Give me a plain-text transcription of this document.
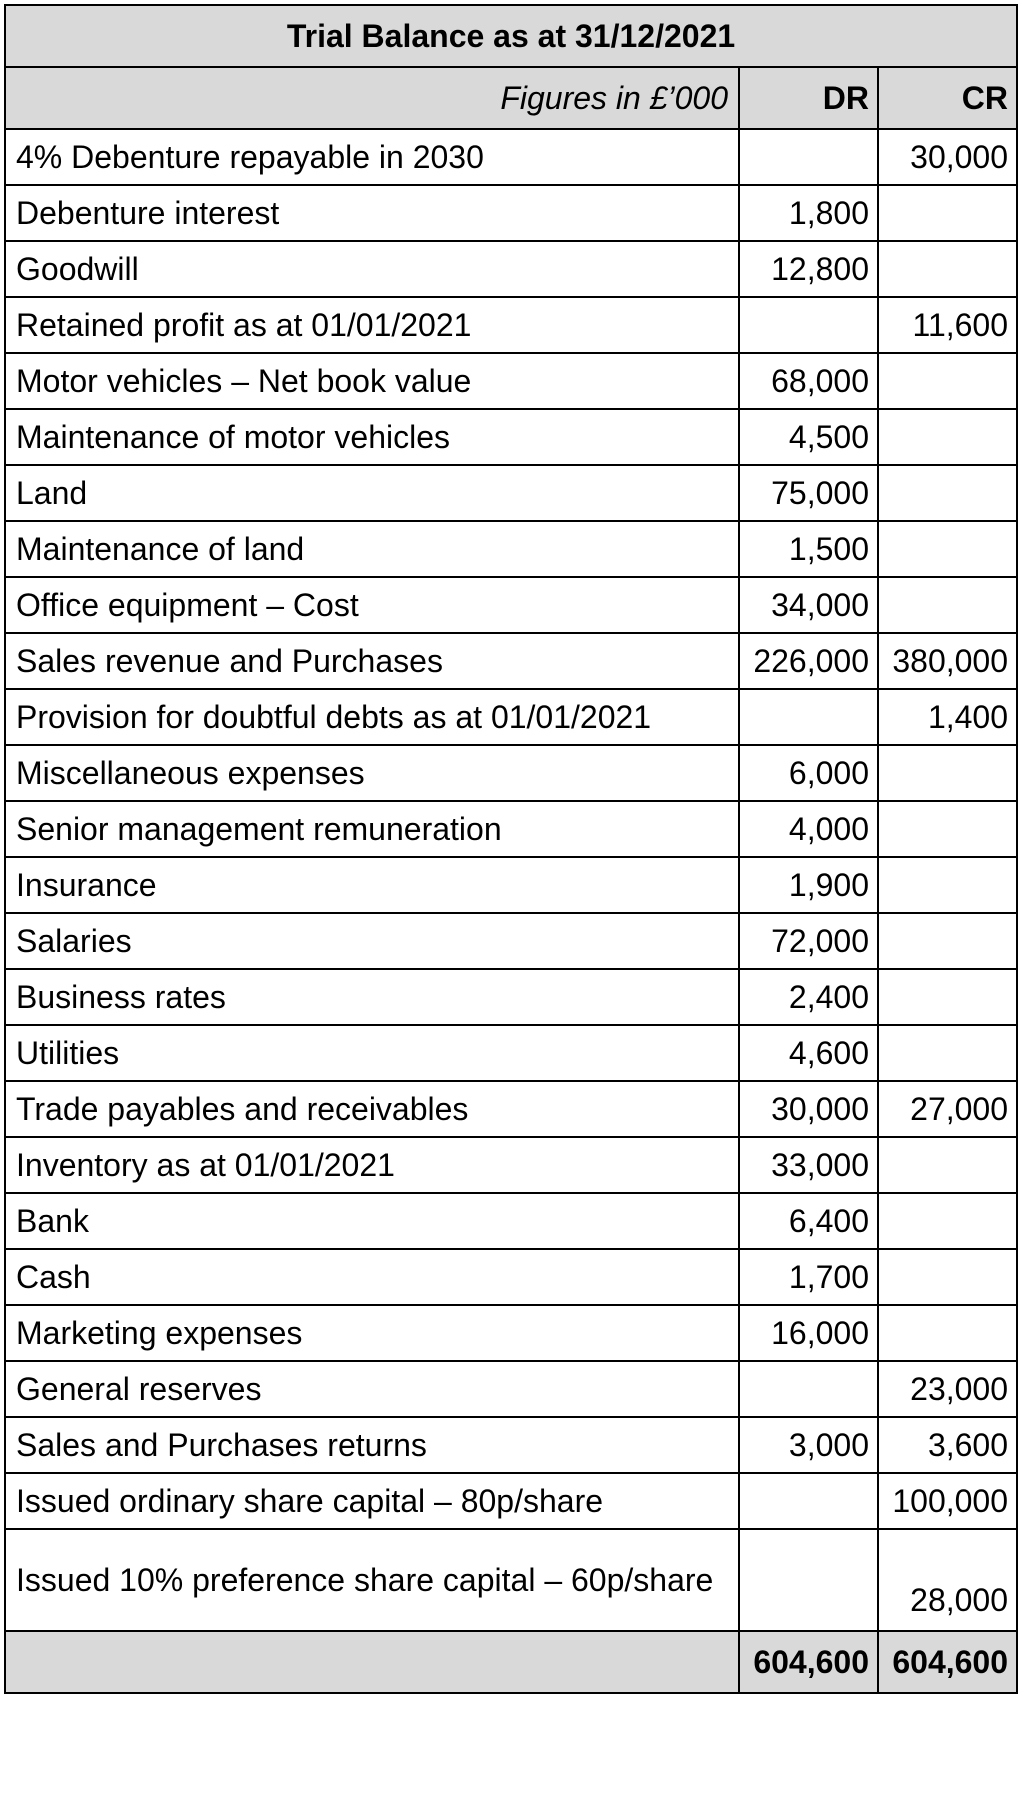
Trial Balance as at 31/12/2021		
Figures in £’000	DR	CR
4% Debenture repayable in 2030		30,000
Debenture interest	1,800	
Goodwill	12,800	
Retained profit as at 01/01/2021		11,600
Motor vehicles – Net book value	68,000	
Maintenance of motor vehicles	4,500	
Land	75,000	
Maintenance of land	1,500	
Office equipment – Cost	34,000	
Sales revenue and Purchases	226,000	380,000
Provision for doubtful debts as at 01/01/2021		1,400
Miscellaneous expenses	6,000	
Senior management remuneration	4,000	
Insurance	1,900	
Salaries	72,000	
Business rates	2,400	
Utilities	4,600	
Trade payables and receivables	30,000	27,000
Inventory as at 01/01/2021	33,000	
Bank	6,400	
Cash	1,700	
Marketing expenses	16,000	
General reserves		23,000
Sales and Purchases returns	3,000	3,600
Issued ordinary share capital – 80p/share		100,000
Issued 10% preference share capital – 60p/share		28,000
	604,600	604,600
